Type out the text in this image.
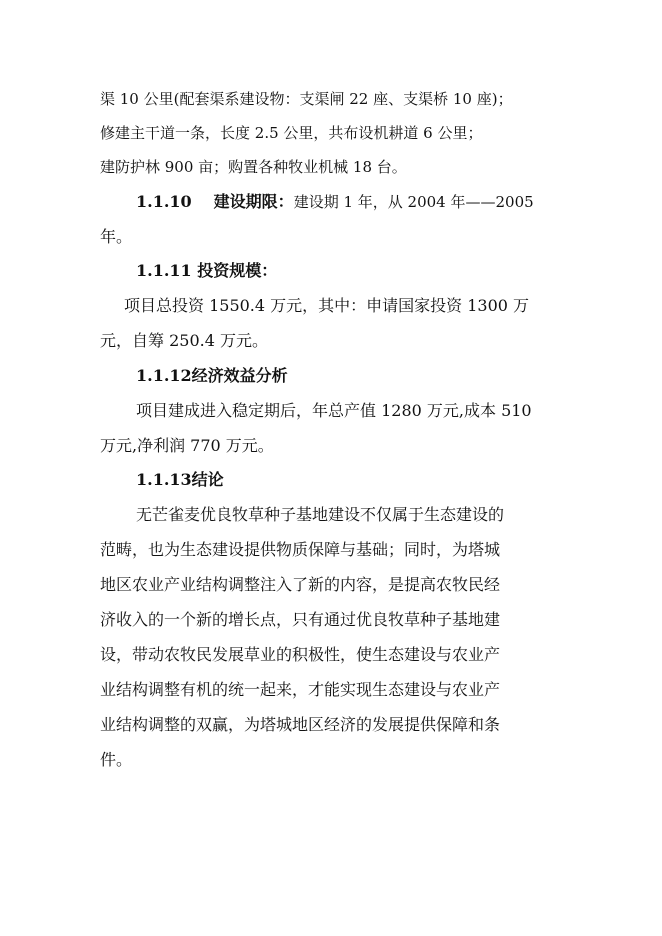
渠 10 公里(配套渠系建设物：支渠闸 22 座、支渠桥 10 座)；
修建主干道一条，长度 2.5 公里，共布设机耕道 6 公里；
建防护林 900 亩；购置各种牧业机械 18 台。
1.1.10 建设期限：建设期 1 年，从 2004 年——2005
年。
1.1.11 投资规模：
项目总投资 1550.4 万元，其中：申请国家投资 1300 万
元，自筹 250.4 万元。
1.1.12经济效益分析
项目建成进入稳定期后，年总产值 1280 万元,成本 510
万元,净利润 770 万元。
1.1.13结论
无芒雀麦优良牧草种子基地建设不仅属于生态建设的
范畴，也为生态建设提供物质保障与基础；同时，为塔城
地区农业产业结构调整注入了新的内容，是提高农牧民经
济收入的一个新的增长点，只有通过优良牧草种子基地建
设，带动农牧民发展草业的积极性，使生态建设与农业产
业结构调整有机的统一起来，才能实现生态建设与农业产
业结构调整的双赢，为塔城地区经济的发展提供保障和条
件。
